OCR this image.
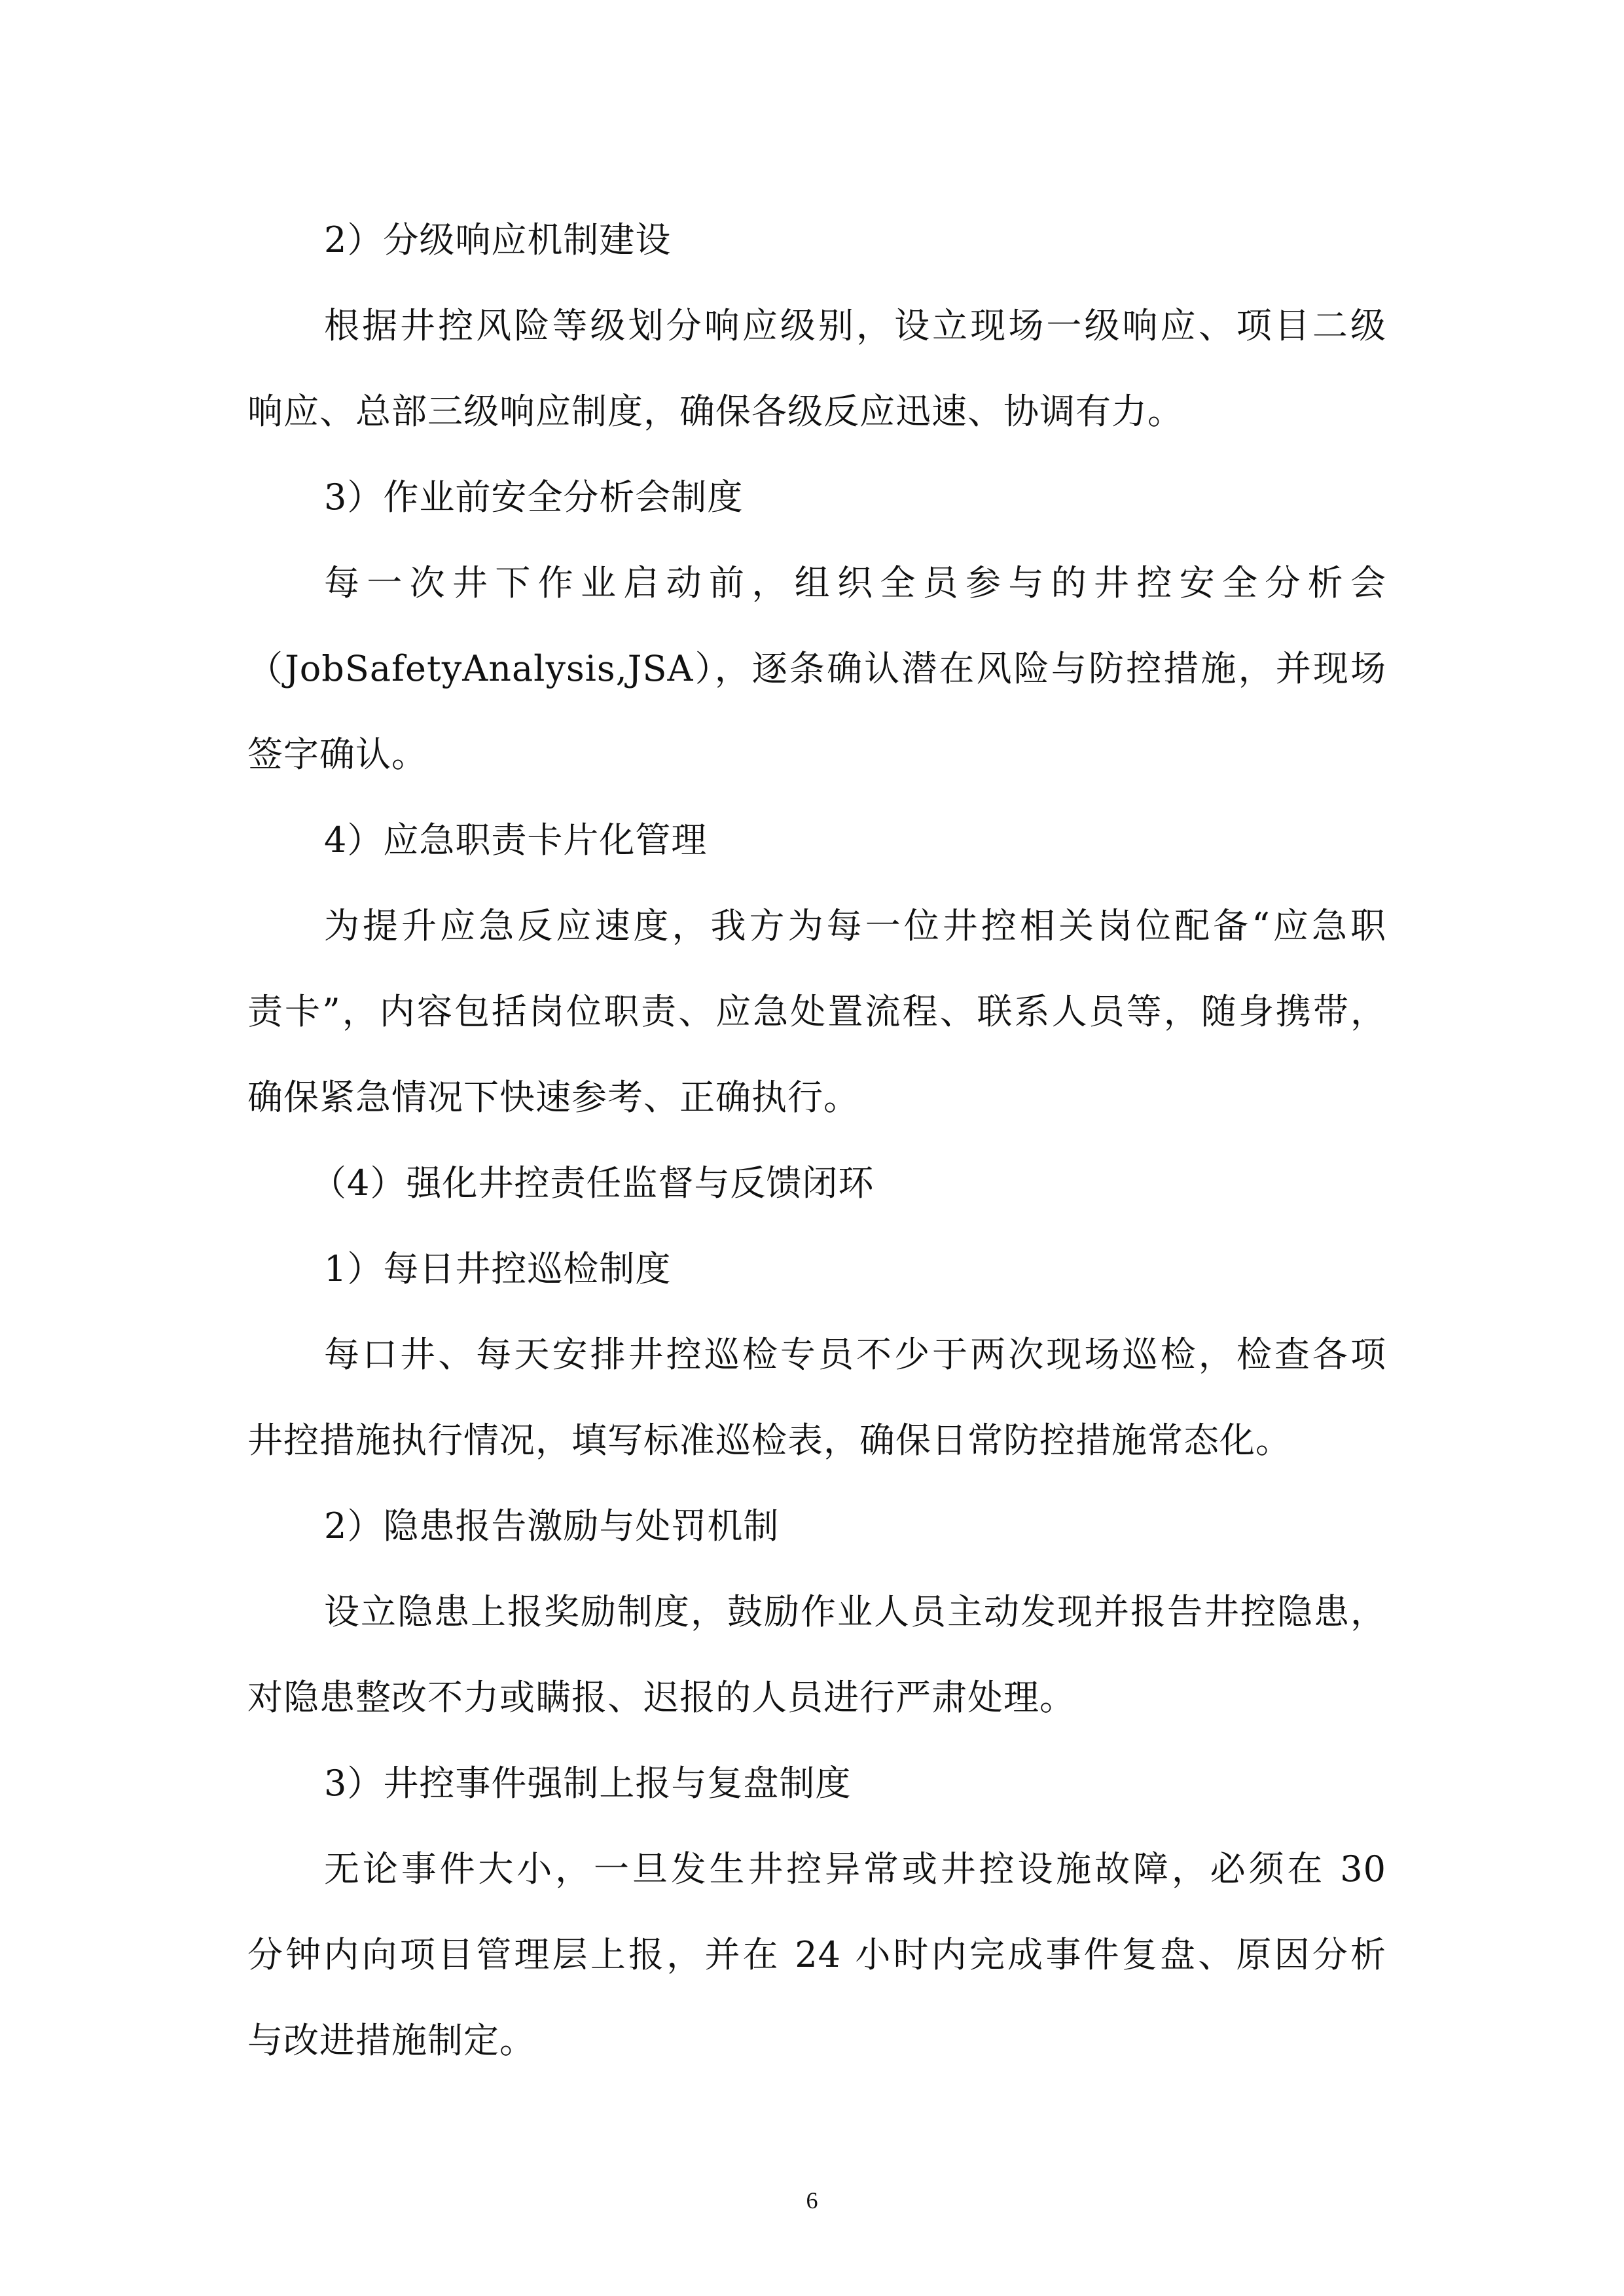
2）分级响应机制建设
根据井控风险等级划分响应级别，设立现场一级响应、项目二级
响应、总部三级响应制度，确保各级反应迅速、协调有力。
3）作业前安全分析会制度
每一次井下作业启动前，组织全员参与的井控安全分析会
（JobSafetyAnalysis,JSA），逐条确认潜在风险与防控措施，并现场
签字确认。
4）应急职责卡片化管理
为提升应急反应速度，我方为每一位井控相关岗位配备“应急职
责卡”，内容包括岗位职责、应急处置流程、联系人员等，随身携带，
确保紧急情况下快速参考、正确执行。
（4）强化井控责任监督与反馈闭环
1）每日井控巡检制度
每口井、每天安排井控巡检专员不少于两次现场巡检，检查各项
井控措施执行情况，填写标准巡检表，确保日常防控措施常态化。
2）隐患报告激励与处罚机制
设立隐患上报奖励制度，鼓励作业人员主动发现并报告井控隐患，
对隐患整改不力或瞒报、迟报的人员进行严肃处理。
3）井控事件强制上报与复盘制度
无论事件大小，一旦发生井控异常或井控设施故障，必须在 30
分钟内向项目管理层上报，并在 24 小时内完成事件复盘、原因分析
与改进措施制定。
6
